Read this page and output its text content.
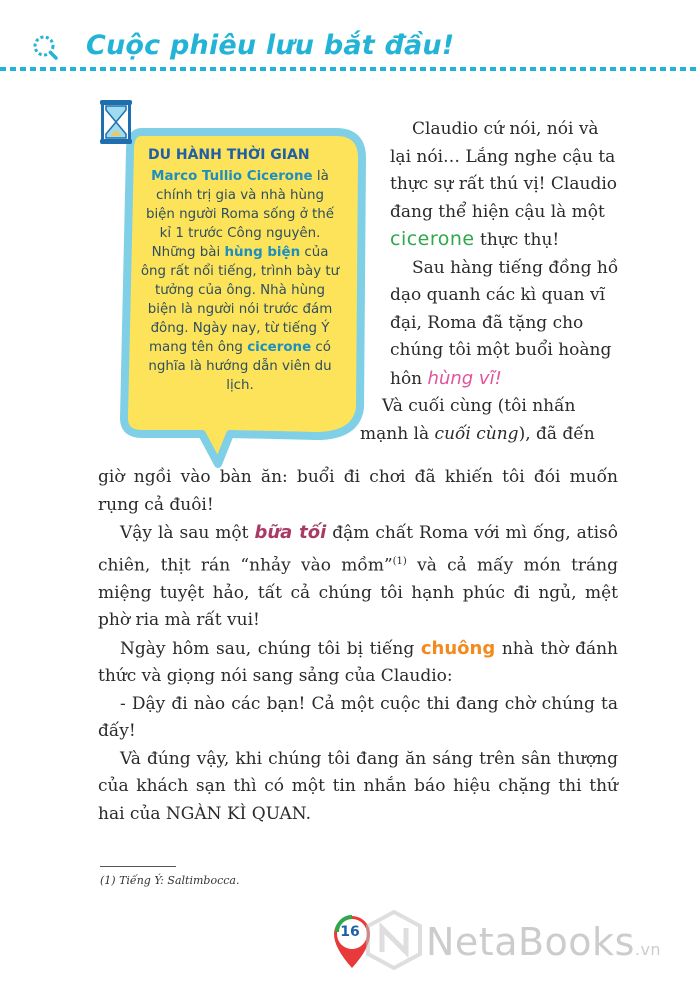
Cuộc phiêu lưu bắt đầu!
DU HÀNH THỜI GIAN
Marco Tullio Cicerone là chính trị gia và nhà hùng biện người Roma sống ở thế kỉ 1 trước Công nguyên. Những bài hùng biện của ông rất nổi tiếng, trình bày tư tưởng của ông. Nhà hùng biện là người nói trước đám đông. Ngày nay, từ tiếng Ý mang tên ông cicerone có nghĩa là hướng dẫn viên du lịch.

Claudio cứ nói, nói và lại nói… Lắng nghe cậu ta thực sự rất thú vị! Claudio đang thể hiện cậu là một cicerone thực thụ!

Sau hàng tiếng đồng hồ dạo quanh các kì quan vĩ đại, Roma đã tặng cho chúng tôi một buổi hoàng hôn hùng vĩ!

Và cuối cùng (tôi nhấn mạnh là cuối cùng), đã đến

giờ ngồi vào bàn ăn: buổi đi chơi đã khiến tôi đói muốn rụng cả đuôi!

Vậy là sau một bữa tối đậm chất Roma với mì ống, atisô chiên, thịt rán “nhảy vào mồm”$^{(1)}$ và cả mấy món tráng miệng tuyệt hảo, tất cả chúng tôi hạnh phúc đi ngủ, mệt phờ ria mà rất vui!

Ngày hôm sau, chúng tôi bị tiếng chuông nhà thờ đánh thức và giọng nói sang sảng của Claudio:

- Dậy đi nào các bạn! Cả một cuộc thi đang chờ chúng ta đấy!

Và đúng vậy, khi chúng tôi đang ăn sáng trên sân thượng của khách sạn thì có một tin nhắn báo hiệu chặng thi thứ hai của NGÀN KÌ QUAN.

(1) Tiếng Ý: Saltimbocca.
16 NetaBooks.vn
